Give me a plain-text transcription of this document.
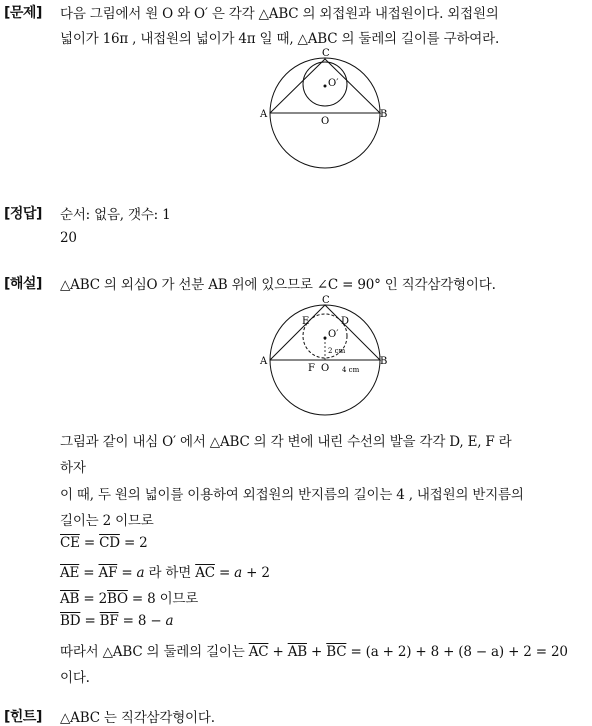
[문제] 다음 그림에서 원 O 와 O′ 은 각각 △ABC 의 외접원과 내접원이다. 외접원의
넓이가 16π , 내접원의 넓이가 4π 일 때, △ABC 의 둘레의 길이를 구하여라.
C
O′
A	B
O
[정답] 순서: 없음, 갯수: 1
20
[해설] △ABC 의 외심O 가 선분 AB 위에 있으므로 ∠C = 90° 인 직각삼각형이다.
C
E	D
O′
2 cm
A	B
F O 4 cm
그림과 같이 내심 O′ 에서 △ABC 의 각 변에 내린 수선의 발을 각각 D, E, F 라
하자
이 때, 두 원의 넓이를 이용하여 외접원의 반지름의 길이는 4 , 내접원의 반지름의
길이는 2 이므로
$\overline{CE} = \overline{CD} = 2$
$\overline{AE} = \overline{AF} = a$ 라 하면 $\overline{AC} = a + 2$
$\overline{AB} = 2\overline{BO} = 8$ 이므로
$\overline{BD} = \overline{BF} = 8 - a$
따라서 △ABC 의 둘레의 길이는 $\overline{AC} + \overline{AB} + \overline{BC} = (a + 2) + 8 + (8 - a) + 2 = 20$
이다.
[힌트] △ABC 는 직각삼각형이다.
